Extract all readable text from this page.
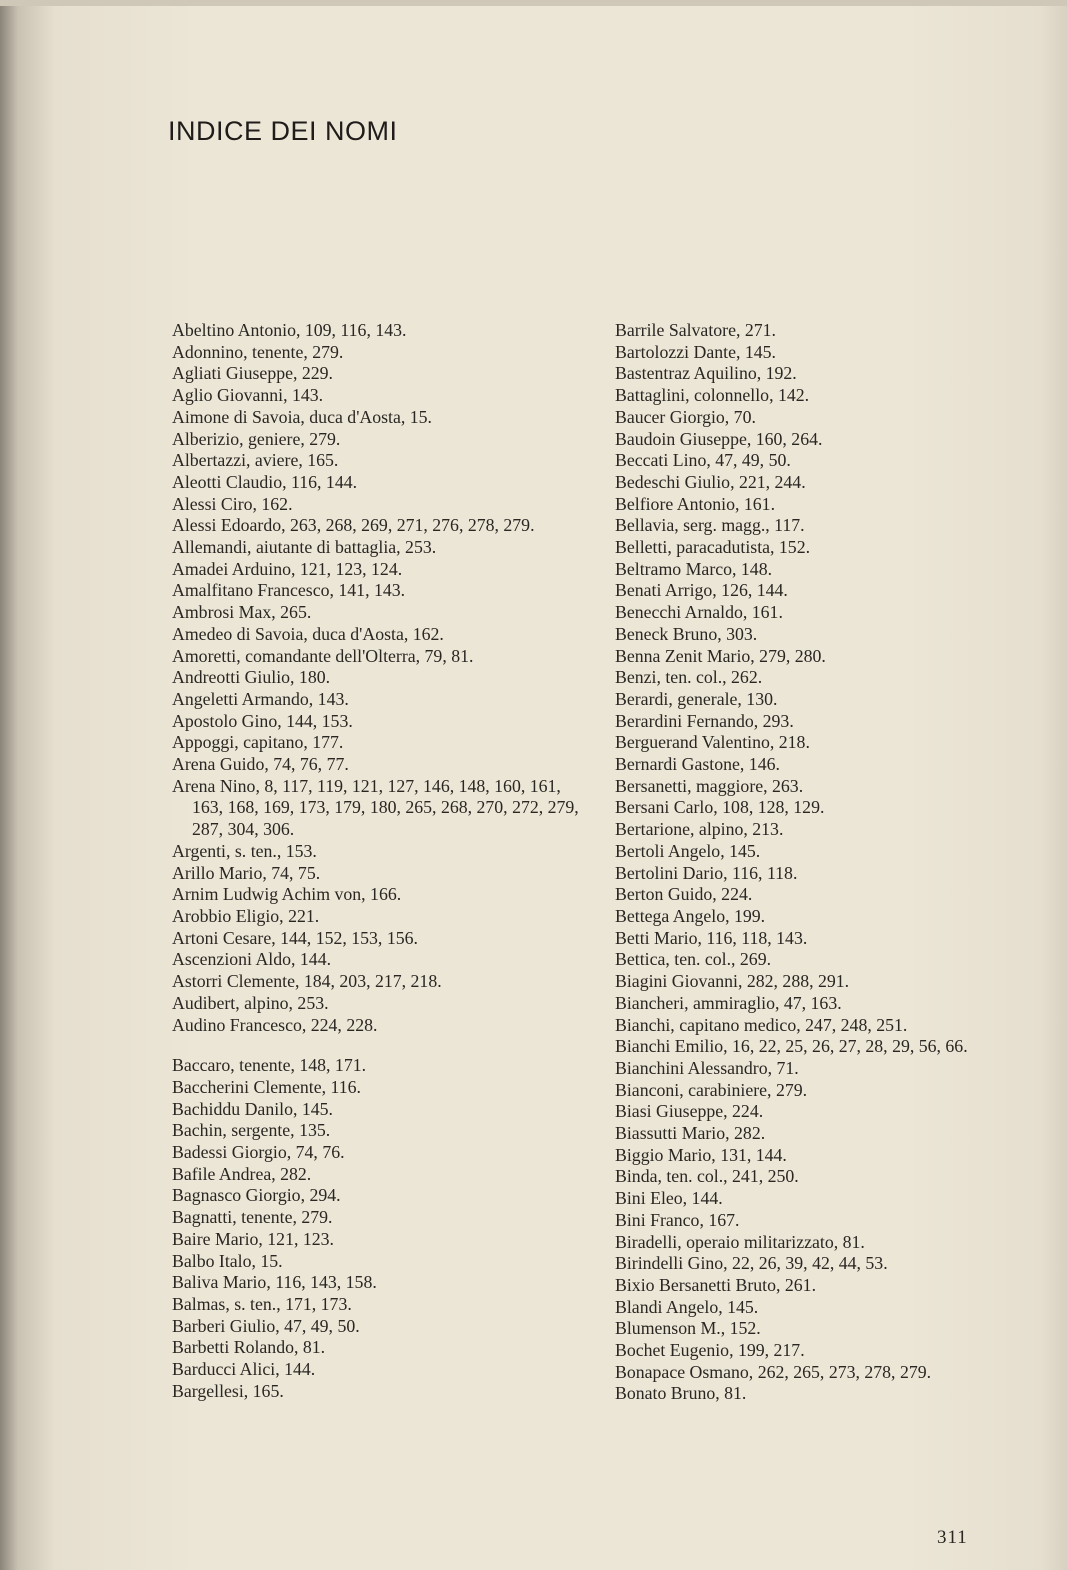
INDICE DEI NOMI
Abeltino Antonio, 109, 116, 143.
Adonnino, tenente, 279.
Agliati Giuseppe, 229.
Aglio Giovanni, 143.
Aimone di Savoia, duca d'Aosta, 15.
Alberizio, geniere, 279.
Albertazzi, aviere, 165.
Aleotti Claudio, 116, 144.
Alessi Ciro, 162.
Alessi Edoardo, 263, 268, 269, 271, 276, 278, 279.
Allemandi, aiutante di battaglia, 253.
Amadei Arduino, 121, 123, 124.
Amalfitano Francesco, 141, 143.
Ambrosi Max, 265.
Amedeo di Savoia, duca d'Aosta, 162.
Amoretti, comandante dell'Olterra, 79, 81.
Andreotti Giulio, 180.
Angeletti Armando, 143.
Apostolo Gino, 144, 153.
Appoggi, capitano, 177.
Arena Guido, 74, 76, 77.
Arena Nino, 8, 117, 119, 121, 127, 146, 148, 160, 161, 163, 168, 169, 173, 179, 180, 265, 268, 270, 272, 279, 287, 304, 306.
Argenti, s. ten., 153.
Arillo Mario, 74, 75.
Arnim Ludwig Achim von, 166.
Arobbio Eligio, 221.
Artoni Cesare, 144, 152, 153, 156.
Ascenzioni Aldo, 144.
Astorri Clemente, 184, 203, 217, 218.
Audibert, alpino, 253.
Audino Francesco, 224, 228.
Baccaro, tenente, 148, 171.
Baccherini Clemente, 116.
Bachiddu Danilo, 145.
Bachin, sergente, 135.
Badessi Giorgio, 74, 76.
Bafile Andrea, 282.
Bagnasco Giorgio, 294.
Bagnatti, tenente, 279.
Baire Mario, 121, 123.
Balbo Italo, 15.
Baliva Mario, 116, 143, 158.
Balmas, s. ten., 171, 173.
Barberi Giulio, 47, 49, 50.
Barbetti Rolando, 81.
Barducci Alici, 144.
Bargellesi, 165.
Barrile Salvatore, 271.
Bartolozzi Dante, 145.
Bastentraz Aquilino, 192.
Battaglini, colonnello, 142.
Baucer Giorgio, 70.
Baudoin Giuseppe, 160, 264.
Beccati Lino, 47, 49, 50.
Bedeschi Giulio, 221, 244.
Belfiore Antonio, 161.
Bellavia, serg. magg., 117.
Belletti, paracadutista, 152.
Beltramo Marco, 148.
Benati Arrigo, 126, 144.
Benecchi Arnaldo, 161.
Beneck Bruno, 303.
Benna Zenit Mario, 279, 280.
Benzi, ten. col., 262.
Berardi, generale, 130.
Berardini Fernando, 293.
Berguerand Valentino, 218.
Bernardi Gastone, 146.
Bersanetti, maggiore, 263.
Bersani Carlo, 108, 128, 129.
Bertarione, alpino, 213.
Bertoli Angelo, 145.
Bertolini Dario, 116, 118.
Berton Guido, 224.
Bettega Angelo, 199.
Betti Mario, 116, 118, 143.
Bettica, ten. col., 269.
Biagini Giovanni, 282, 288, 291.
Biancheri, ammiraglio, 47, 163.
Bianchi, capitano medico, 247, 248, 251.
Bianchi Emilio, 16, 22, 25, 26, 27, 28, 29, 56, 66.
Bianchini Alessandro, 71.
Bianconi, carabiniere, 279.
Biasi Giuseppe, 224.
Biassutti Mario, 282.
Biggio Mario, 131, 144.
Binda, ten. col., 241, 250.
Bini Eleo, 144.
Bini Franco, 167.
Biradelli, operaio militarizzato, 81.
Birindelli Gino, 22, 26, 39, 42, 44, 53.
Bixio Bersanetti Bruto, 261.
Blandi Angelo, 145.
Blumenson M., 152.
Bochet Eugenio, 199, 217.
Bonapace Osmano, 262, 265, 273, 278, 279.
Bonato Bruno, 81.
311
